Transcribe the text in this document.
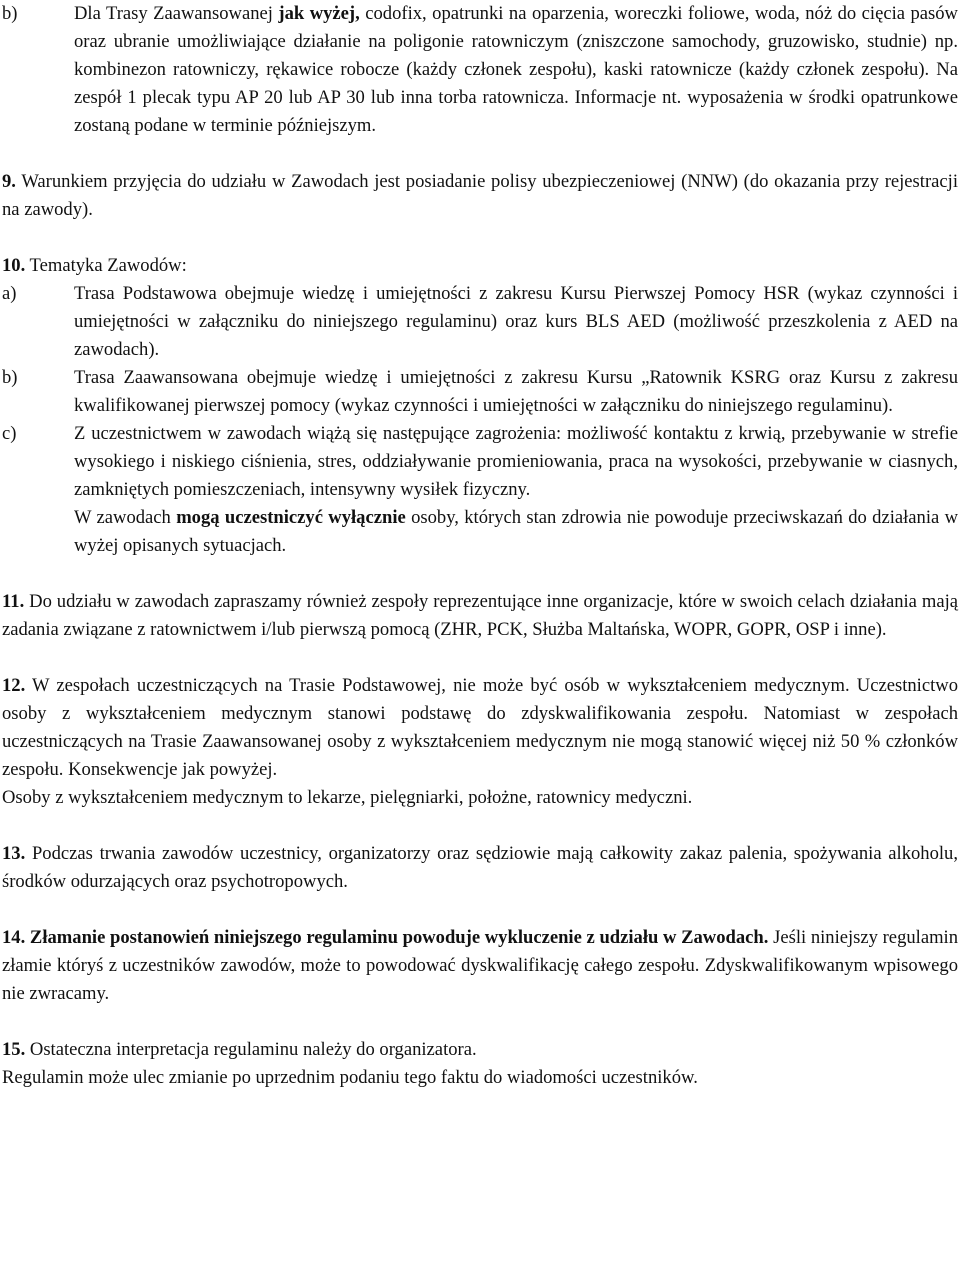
b)	Dla Trasy Zaawansowanej jak wyżej, codofix, opatrunki na oparzenia, woreczki foliowe, woda, nóż do cięcia pasów oraz ubranie umożliwiające działanie na poligonie ratowniczym (zniszczone samochody, gruzowisko, studnie) np. kombinezon ratowniczy, rękawice robocze (każdy członek zespołu), kaski ratownicze (każdy członek zespołu). Na zespół 1 plecak typu AP 20 lub AP 30 lub inna torba ratownicza. Informacje nt. wyposażenia w środki opatrunkowe zostaną podane w terminie późniejszym.

9. Warunkiem przyjęcia do udziału w Zawodach jest posiadanie polisy ubezpieczeniowej (NNW) (do okazania przy rejestracji na zawody).

10. Tematyka Zawodów:

a)	Trasa Podstawowa obejmuje wiedzę i umiejętności z zakresu Kursu Pierwszej Pomocy HSR (wykaz czynności i umiejętności w załączniku do niniejszego regulaminu) oraz kurs BLS AED (możliwość przeszkolenia z AED na zawodach).
b)	Trasa Zaawansowana obejmuje wiedzę i umiejętności z zakresu Kursu „Ratownik KSRG oraz Kursu z zakresu kwalifikowanej pierwszej pomocy (wykaz czynności i umiejętności w załączniku do niniejszego regulaminu).
c)	Z uczestnictwem w zawodach wiążą się następujące zagrożenia: możliwość kontaktu z krwią, przebywanie w strefie wysokiego i niskiego ciśnienia, stres, oddziaływanie promieniowania, praca na wysokości, przebywanie w ciasnych, zamkniętych pomieszczeniach, intensywny wysiłek fizyczny.
W zawodach mogą uczestniczyć wyłącznie osoby, których stan zdrowia nie powoduje przeciwskazań do działania w wyżej opisanych sytuacjach.

11. Do udziału w zawodach zapraszamy również zespoły reprezentujące inne organizacje, które w swoich celach działania mają zadania związane z ratownictwem i/lub pierwszą pomocą (ZHR, PCK, Służba Maltańska, WOPR, GOPR, OSP i inne).

12. W zespołach uczestniczących na Trasie Podstawowej, nie może być osób w wykształceniem medycznym. Uczestnictwo osoby z wykształceniem medycznym stanowi podstawę do zdyskwalifikowania zespołu. Natomiast w zespołach uczestniczących na Trasie Zaawansowanej osoby z wykształceniem medycznym nie mogą stanowić więcej niż 50 % członków zespołu. Konsekwencje jak powyżej.

Osoby z wykształceniem medycznym to lekarze, pielęgniarki, położne, ratownicy medyczni.

13. Podczas trwania zawodów uczestnicy, organizatorzy oraz sędziowie mają całkowity zakaz palenia, spożywania alkoholu, środków odurzających oraz psychotropowych.

14. Złamanie postanowień niniejszego regulaminu powoduje wykluczenie z udziału w Zawodach. Jeśli niniejszy regulamin złamie któryś z uczestników zawodów, może to powodować dyskwalifikację całego zespołu. Zdyskwalifikowanym wpisowego nie zwracamy.

15. Ostateczna interpretacja regulaminu należy do organizatora.

Regulamin może ulec zmianie po uprzednim podaniu tego faktu do wiadomości uczestników.
